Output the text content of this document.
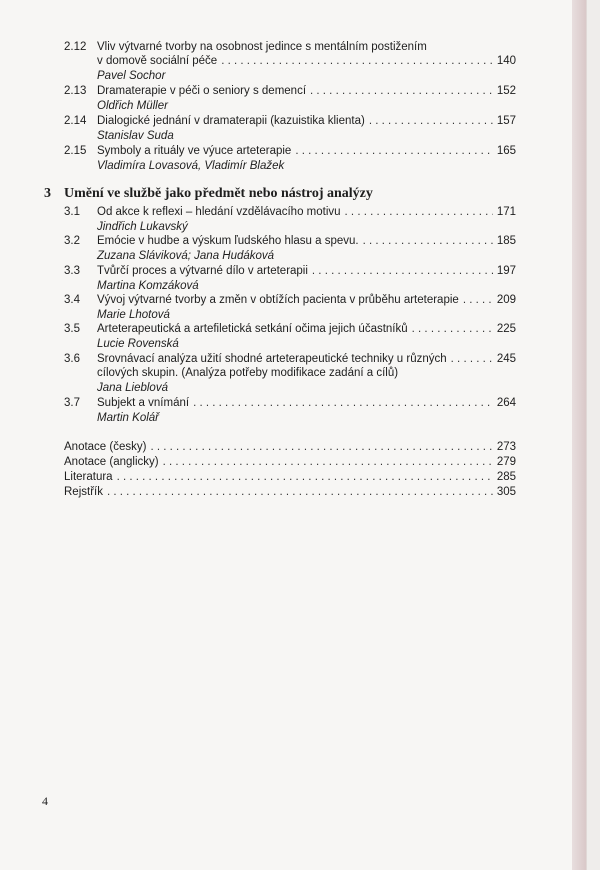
2.12 Vliv výtvarné tvorby na osobnost jedince s mentálním postižením
v domově sociální péče . . .	140
Pavel Sochor
2.13 Dramaterapie v péči o seniory s demencí . . .	152
Oldřich Müller
2.14 Dialogické jednání v dramaterapii (kazuistika klienta) . . .	157
Stanislav Suda
2.15 Symboly a rituály ve výuce arteterapie . . .	165
Vladimíra Lovasová, Vladimír Blažek
3 Umění ve službě jako předmět nebo nástroj analýzy
3.1 Od akce k reflexi – hledání vzdělávacího motivu . . .	171
Jindřich Lukavský
3.2 Emócie v hudbe a výskum ľudského hlasu a spevu. . . .	185
Zuzana Sláviková; Jana Hudáková
3.3 Tvůrčí proces a výtvarné dílo v arteterapii . . .	197
Martina Komzáková
3.4 Vývoj výtvarné tvorby a změn v obtížích pacienta v průběhu arteterapie . . .	209
Marie Lhotová
3.5 Arteterapeutická a artefiletická setkání očima jejich účastníků . . .	225
Lucie Rovenská
3.6 Srovnávací analýza užití shodné arteterapeutické techniky u různých . . .	245
cílových skupin. (Analýza potřeby modifikace zadání a cílů)
Jana Lieblová
3.7 Subjekt a vnímání . . .	264
Martin Kolář
Anotace (česky) . . .	273
Anotace (anglicky) . . .	279
Literatura . . .	285
Rejstřík . . .	305
4
